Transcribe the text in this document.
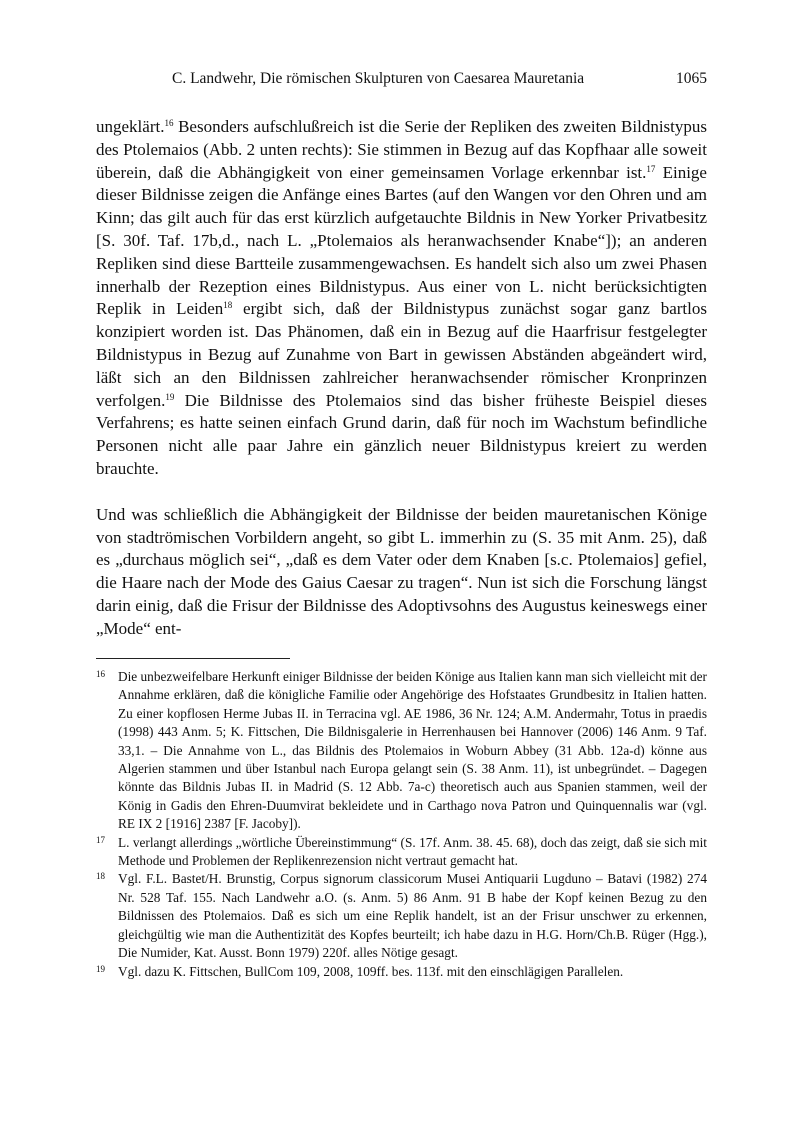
C. Landwehr, Die römischen Skulpturen von Caesarea Mauretania	1065

ungeklärt.$^{16}$ Besonders aufschlußreich ist die Serie der Repliken des zweiten Bildnistypus des Ptolemaios (Abb. 2 unten rechts): Sie stimmen in Bezug auf das Kopfhaar alle soweit überein, daß die Abhängigkeit von einer gemeinsamen Vorlage erkennbar ist.$^{17}$ Einige dieser Bildnisse zeigen die Anfänge eines Bartes (auf den Wangen vor den Ohren und am Kinn; das gilt auch für das erst kürzlich aufgetauchte Bildnis in New Yorker Privatbesitz [S. 30f. Taf. 17b,d., nach L. „Ptolemaios als heranwachsender Knabe“]); an anderen Repliken sind diese Bartteile zusammengewachsen. Es handelt sich also um zwei Phasen innerhalb der Rezeption eines Bildnistypus. Aus einer von L. nicht berücksichtigten Replik in Leiden$^{18}$ ergibt sich, daß der Bildnistypus zunächst sogar ganz bartlos konzipiert worden ist. Das Phänomen, daß ein in Bezug auf die Haarfrisur festgelegter Bildnistypus in Bezug auf Zunahme von Bart in gewissen Abständen abgeändert wird, läßt sich an den Bildnissen zahlreicher heranwachsender römischer Kronprinzen verfolgen.$^{19}$ Die Bildnisse des Ptolemaios sind das bisher früheste Beispiel dieses Verfahrens; es hatte seinen einfach Grund darin, daß für noch im Wachstum befindliche Personen nicht alle paar Jahre ein gänzlich neuer Bildnistypus kreiert zu werden brauchte.

Und was schließlich die Abhängigkeit der Bildnisse der beiden mauretanischen Könige von stadtrömischen Vorbildern angeht, so gibt L. immerhin zu (S. 35 mit Anm. 25), daß es „durchaus möglich sei“, „daß es dem Vater oder dem Knaben [s.c. Ptolemaios] gefiel, die Haare nach der Mode des Gaius Caesar zu tragen“. Nun ist sich die Forschung längst darin einig, daß die Frisur der Bildnisse des Adoptivsohns des Augustus keineswegs einer „Mode“ ent-

16 Die unbezweifelbare Herkunft einiger Bildnisse der beiden Könige aus Italien kann man sich vielleicht mit der Annahme erklären, daß die königliche Familie oder Angehörige des Hofstaates Grundbesitz in Italien hatten. Zu einer kopflosen Herme Jubas II. in Terracina vgl. AE 1986, 36 Nr. 124; A.M. Andermahr, Totus in praedis (1998) 443 Anm. 5; K. Fittschen, Die Bildnisgalerie in Herrenhausen bei Hannover (2006) 146 Anm. 9 Taf. 33,1. – Die Annahme von L., das Bildnis des Ptolemaios in Woburn Abbey (31 Abb. 12a-d) könne aus Algerien stammen und über Istanbul nach Europa gelangt sein (S. 38 Anm. 11), ist unbegründet. – Dagegen könnte das Bildnis Jubas II. in Madrid (S. 12 Abb. 7a-c) theoretisch auch aus Spanien stammen, weil der König in Gadis den Ehren-Duumvirat bekleidete und in Carthago nova Patron und Quinquennalis war (vgl. RE IX 2 [1916] 2387 [F. Jacoby]).
17 L. verlangt allerdings „wörtliche Übereinstimmung“ (S. 17f. Anm. 38. 45. 68), doch das zeigt, daß sie sich mit Methode und Problemen der Replikenrezension nicht vertraut gemacht hat.
18 Vgl. F.L. Bastet/H. Brunstig, Corpus signorum classicorum Musei Antiquarii Lugduno – Batavi (1982) 274 Nr. 528 Taf. 155. Nach Landwehr a.O. (s. Anm. 5) 86 Anm. 91 B habe der Kopf keinen Bezug zu den Bildnissen des Ptolemaios. Daß es sich um eine Replik handelt, ist an der Frisur unschwer zu erkennen, gleichgültig wie man die Authentizität des Kopfes beurteilt; ich habe dazu in H.G. Horn/Ch.B. Rüger (Hgg.), Die Numider, Kat. Ausst. Bonn 1979) 220f. alles Nötige gesagt.
19 Vgl. dazu K. Fittschen, BullCom 109, 2008, 109ff. bes. 113f. mit den einschlägigen Parallelen.
